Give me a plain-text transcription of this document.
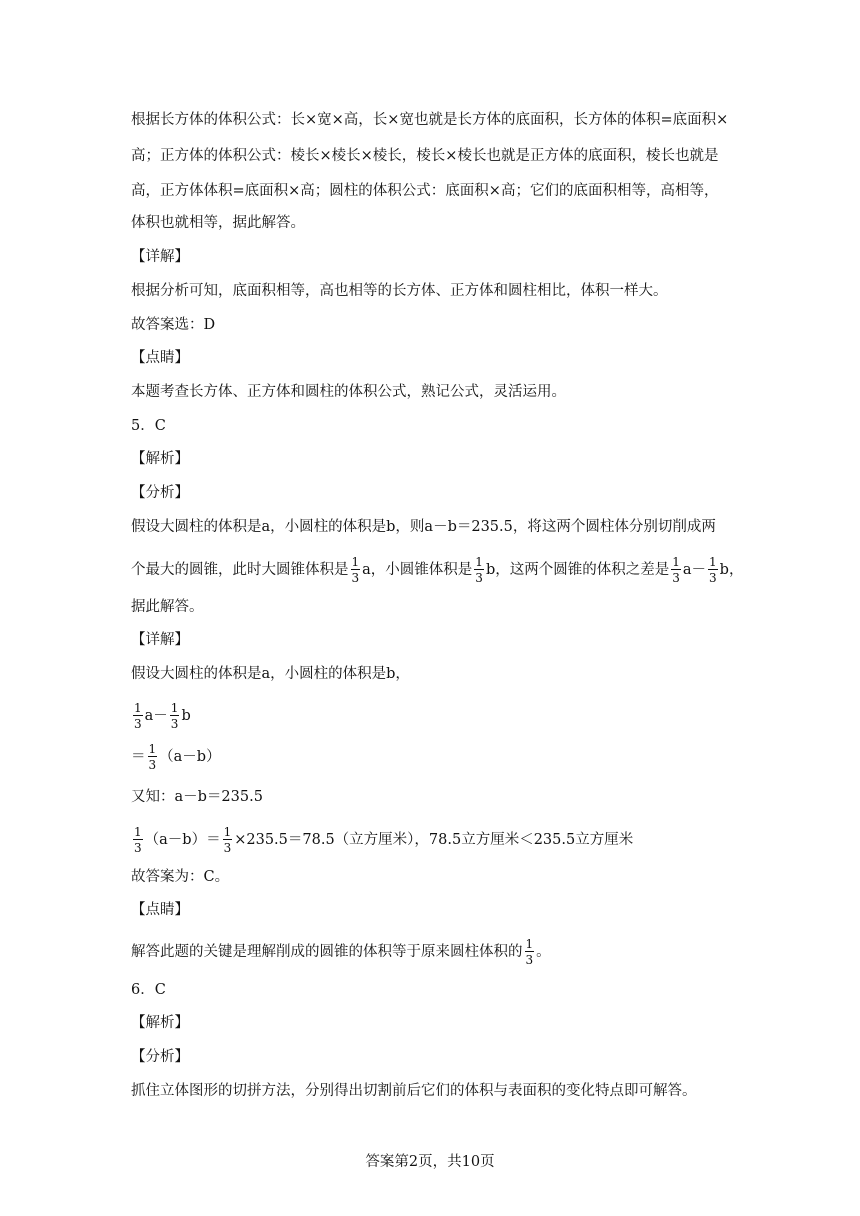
根据长方体的体积公式：长×宽×高，长×宽也就是长方体的底面积，长方体的体积=底面积×
高；正方体的体积公式：棱长×棱长×棱长，棱长×棱长也就是正方体的底面积，棱长也就是
高，正方体体积=底面积×高；圆柱的体积公式：底面积×高；它们的底面积相等，高相等，
体积也就相等，据此解答。
【详解】
根据分析可知，底面积相等，高也相等的长方体、正方体和圆柱相比，体积一样大。
故答案选：D
【点睛】
本题考查长方体、正方体和圆柱的体积公式，熟记公式，灵活运用。
5．C
【解析】
【分析】
假设大圆柱的体积是a，小圆柱的体积是b，则a－b＝235.5，将这两个圆柱体分别切削成两
个最大的圆锥，此时大圆锥体积是 $\frac{1}{3}$ a，小圆锥体积是 $\frac{1}{3}$ b，这两个圆锥的体积之差是 $\frac{1}{3} a- \frac{1}{3}$ b，
据此解答。
【详解】
假设大圆柱的体积是a，小圆柱的体积是b，
$\frac{1}{3} a- \frac{1}{3}$ b
＝ $\frac{1}{3} (a-b)$
又知：a－b＝235.5
$\frac{1}{3} (a-b)= \frac{1}{3} \times 235.5=78.5$（立方厘米），78.5立方厘米＜235.5立方厘米
故答案为：C。
【点睛】
解答此题的关键是理解削成的圆锥的体积等于原来圆柱体积的 $\frac{1}{3}$ 。
6．C
【解析】
【分析】
抓住立体图形的切拼方法，分别得出切割前后它们的体积与表面积的变化特点即可解答。
答案第2页，共10页
